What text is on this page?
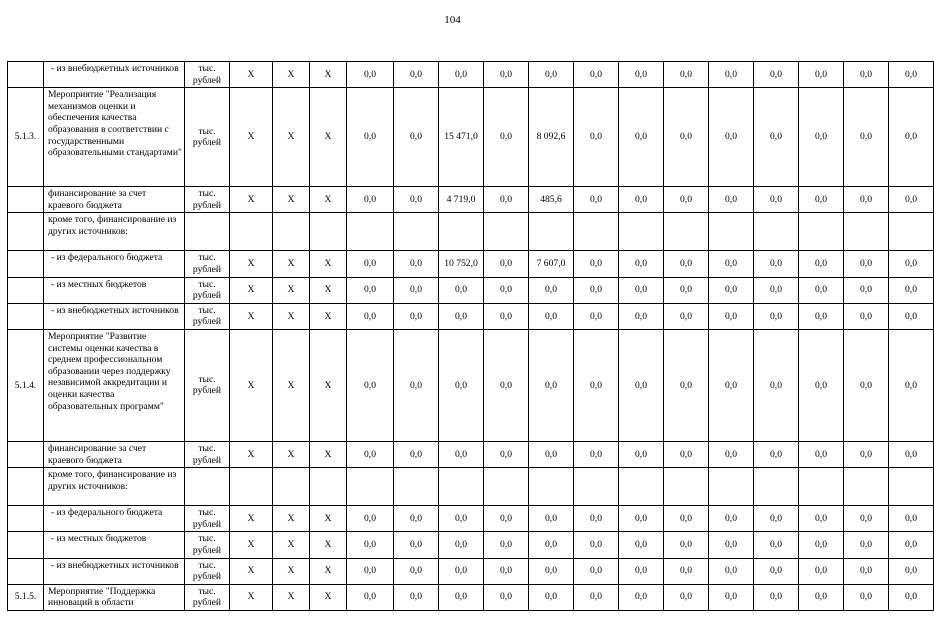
104
	- из внебюджетных источников	тыс. рублей	Х	Х	Х	0,0	0,0	0,0	0,0	0,0	0,0	0,0	0,0	0,0	0,0	0,0	0,0	0,0
5.1.3.	Мероприятие "Реализация механизмов оценки и обеспечения качества образования в соответствии с государственными образовательными стандартами"	тыс. рублей	Х	Х	Х	0,0	0,0	15 471,0	0,0	8 092,6	0,0	0,0	0,0	0,0	0,0	0,0	0,0	0,0
	финансирование за счет краевого бюджета	тыс. рублей	Х	Х	Х	0,0	0,0	4 719,0	0,0	485,6	0,0	0,0	0,0	0,0	0,0	0,0	0,0	0,0
	кроме того, финансирование из других источников:																	
	- из федерального бюджета	тыс. рублей	Х	Х	Х	0,0	0,0	10 752,0	0,0	7 607,0	0,0	0,0	0,0	0,0	0,0	0,0	0,0	0,0
	- из местных бюджетов	тыс. рублей	Х	Х	Х	0,0	0,0	0,0	0,0	0,0	0,0	0,0	0,0	0,0	0,0	0,0	0,0	0,0
	- из внебюджетных источников	тыс. рублей	Х	Х	Х	0,0	0,0	0,0	0,0	0,0	0,0	0,0	0,0	0,0	0,0	0,0	0,0	0,0
5.1.4.	Мероприятие "Развитие системы оценки качества в среднем профессиональном образовании через поддержку независимой аккредитации и оценки качества образовательных программ"	тыс. рублей	Х	Х	Х	0,0	0,0	0,0	0,0	0,0	0,0	0,0	0,0	0,0	0,0	0,0	0,0	0,0
	финансирование за счет краевого бюджета	тыс. рублей	Х	Х	Х	0,0	0,0	0,0	0,0	0,0	0,0	0,0	0,0	0,0	0,0	0,0	0,0	0,0
	кроме того, финансирование из других источников:																	
	- из федерального бюджета	тыс. рублей	Х	Х	Х	0,0	0,0	0,0	0,0	0,0	0,0	0,0	0,0	0,0	0,0	0,0	0,0	0,0
	- из местных бюджетов	тыс. рублей	Х	Х	Х	0,0	0,0	0,0	0,0	0,0	0,0	0,0	0,0	0,0	0,0	0,0	0,0	0,0
	- из внебюджетных источников	тыс. рублей	Х	Х	Х	0,0	0,0	0,0	0,0	0,0	0,0	0,0	0,0	0,0	0,0	0,0	0,0	0,0
5.1.5.	Мероприятие "Поддержка инноваций в области	тыс. рублей	Х	Х	Х	0,0	0,0	0,0	0,0	0,0	0,0	0,0	0,0	0,0	0,0	0,0	0,0	0,0
